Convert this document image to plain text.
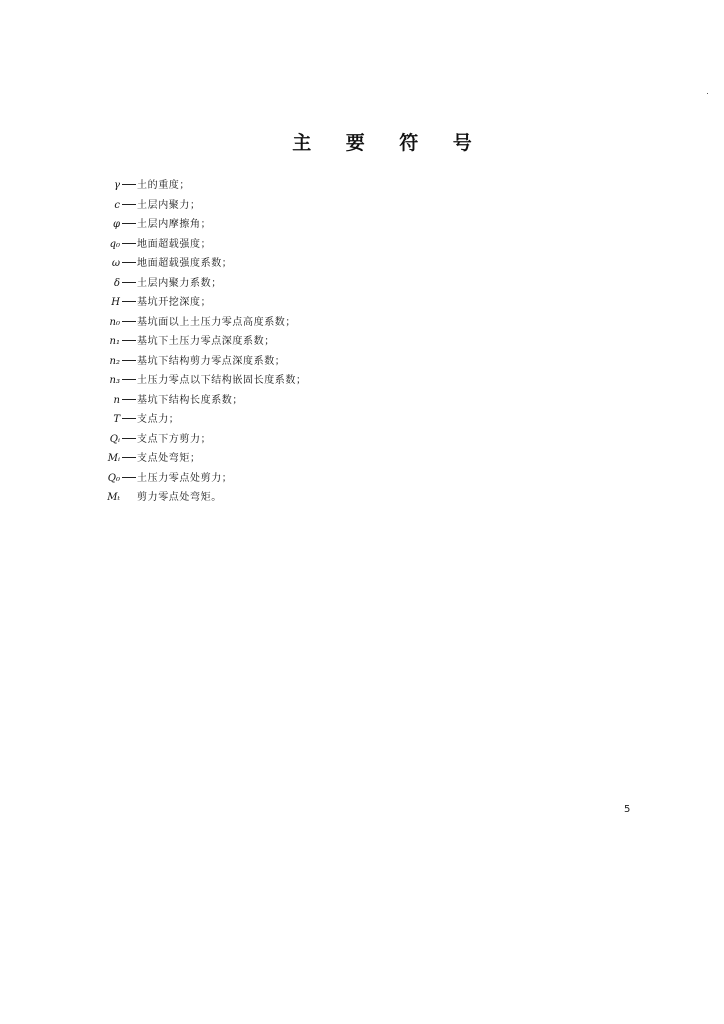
主	要	符	号
γ 土的重度；
c 土层内聚力；
φ 土层内摩擦角；
q₀ 地面超载强度；
ω 地面超载强度系数；
δ 土层内聚力系数；
H 基坑开挖深度；
n₀ 基坑面以上土压力零点高度系数；
n₁ 基坑下土压力零点深度系数；
n₂ 基坑下结构剪力零点深度系数；
n₃ 土压力零点以下结构嵌固长度系数；
n 基坑下结构长度系数；
T 支点力；
Qᵢ 支点下方剪力；
Mᵢ 支点处弯矩；
Q₀ 土压力零点处剪力；
Mₜ 剪力零点处弯矩。
5
